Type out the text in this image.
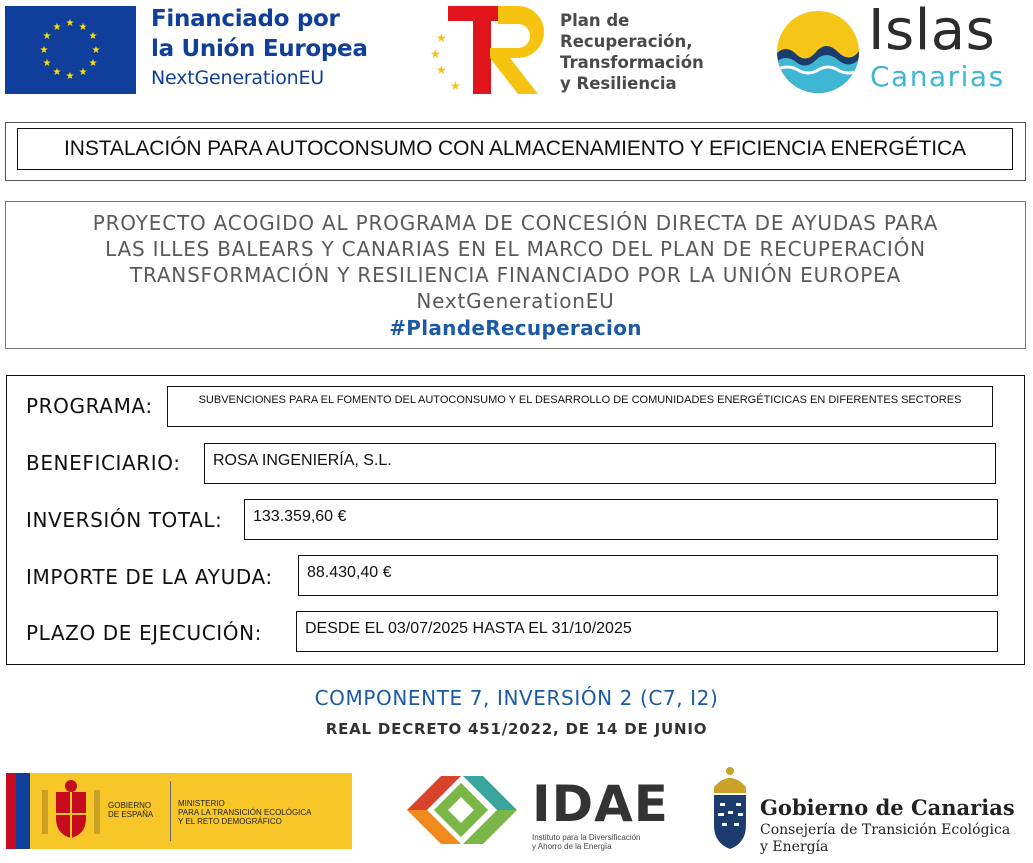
★ ★
★
★
★
★
★
★
★
★
★
★	Financiado por
la Unión Europea
NextGenerationEU
★
★
★
★
Plan de
Recuperación,
Transformación
y Resiliencia
Islas
Canarias
INSTALACIÓN PARA AUTOCONSUMO CON ALMACENAMIENTO Y EFICIENCIA ENERGÉTICA
PROYECTO ACOGIDO AL PROGRAMA DE CONCESIÓN DIRECTA DE AYUDAS PARA
LAS ILLES BALEARS Y CANARIAS EN EL MARCO DEL PLAN DE RECUPERACIÓN
TRANSFORMACIÓN Y RESILIENCIA FINANCIADO POR LA UNIÓN EUROPEA
NextGenerationEU
#PlandeRecuperacion
PROGRAMA:	SUBVENCIONES PARA EL FOMENTO DEL AUTOCONSUMO Y EL DESARROLLO DE COMUNIDADES ENERGÉTICICAS EN DIFERENTES SECTORES
BENEFICIARIO:	ROSA INGENIERÍA, S.L.
INVERSIÓN TOTAL:	133.359,60 €
IMPORTE DE LA AYUDA:	88.430,40 €
PLAZO DE EJECUCIÓN:	DESDE EL 03/07/2025 HASTA EL 31/10/2025
COMPONENTE 7, INVERSIÓN 2 (C7, I2)
REAL DECRETO 451/2022, DE 14 DE JUNIO
GOBIERNO
DE ESPAÑA
MINISTERIO
PARA LA TRANSICIÓN ECOLÓGICA
Y EL RETO DEMOGRÁFICO	IDAE
Instituto para la Diversificación
y Ahorro de la Energía
Gobierno de Canarias
Consejería de Transición Ecológica
y Energía
